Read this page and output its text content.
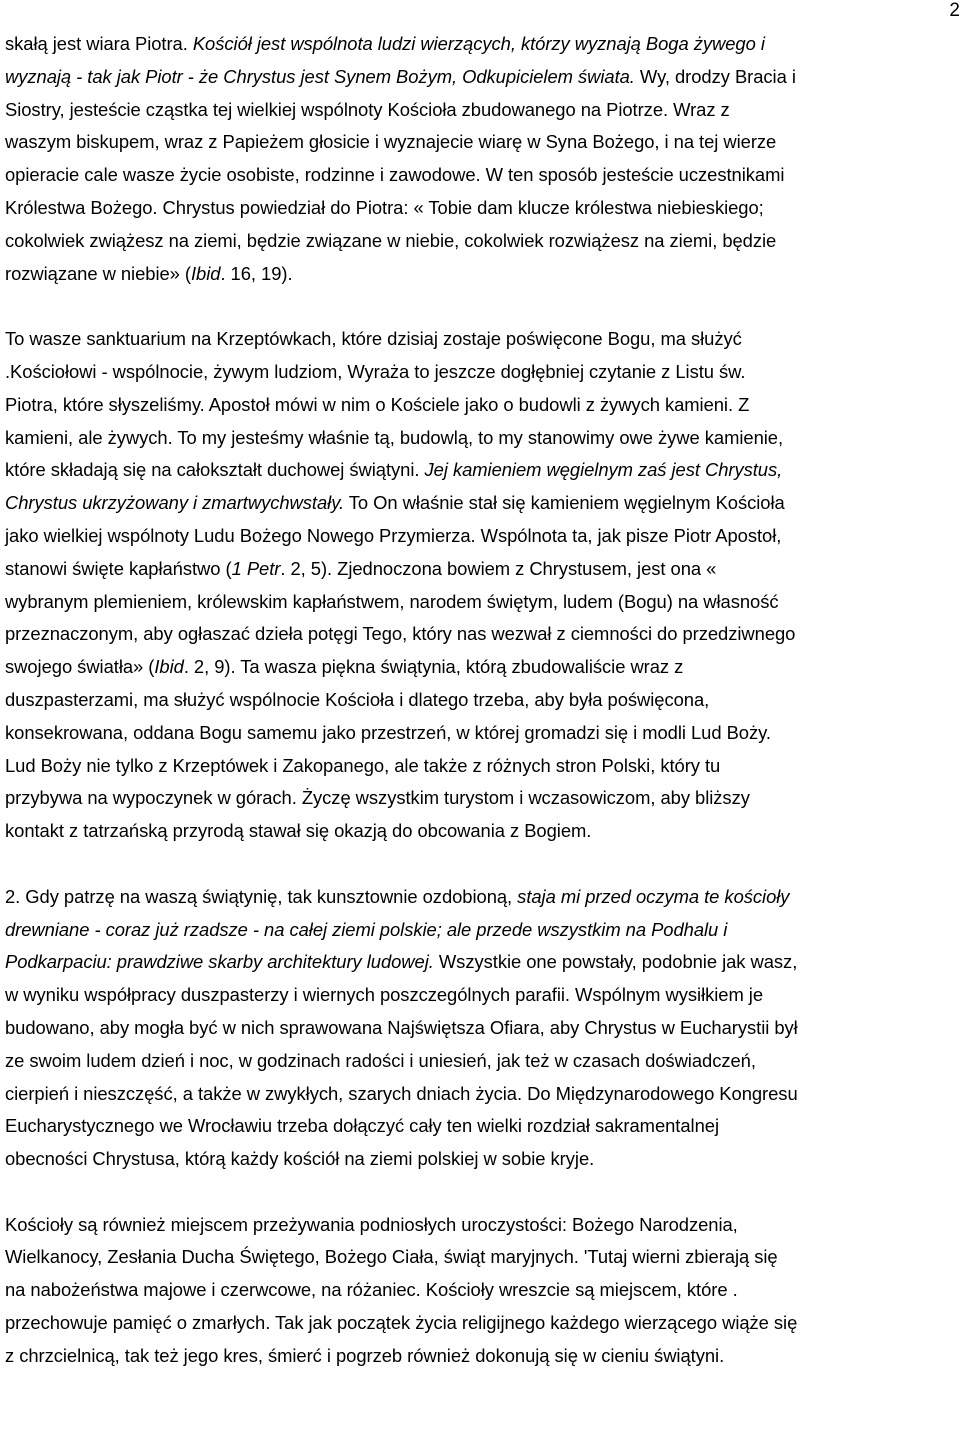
2

skałą jest wiara Piotra. Kościół jest wspólnota ludzi wierzących, którzy wyznają Boga żywego i
wyznają - tak jak Piotr - że Chrystus jest Synem Bożym, Odkupicielem świata. Wy, drodzy Bracia i
Siostry, jesteście cząstka tej wielkiej wspólnoty Kościoła zbudowanego na Piotrze. Wraz z
waszym biskupem, wraz z Papieżem głosicie i wyznajecie wiarę w Syna Bożego, i na tej wierze
opieracie cale wasze życie osobiste, rodzinne i zawodowe. W ten sposób jesteście uczestnikami
Królestwa Bożego. Chrystus powiedział do Piotra: « Tobie dam klucze królestwa niebieskiego;
cokolwiek zwiążesz na ziemi, będzie związane w niebie, cokolwiek rozwiążesz na ziemi, będzie
rozwiązane w niebie» (Ibid. 16, 19).

To wasze sanktuarium na Krzeptówkach, które dzisiaj zostaje poświęcone Bogu, ma służyć
.Kościołowi - wspólnocie, żywym ludziom, Wyraża to jeszcze dogłębniej czytanie z Listu św.
Piotra, które słyszeliśmy. Apostoł mówi w nim o Kościele jako o budowli z żywych kamieni. Z
kamieni, ale żywych. To my jesteśmy właśnie tą, budowlą, to my stanowimy owe żywe kamienie,
które składają się na całokształt duchowej świątyni. Jej kamieniem węgielnym zaś jest Chrystus,
Chrystus ukrzyżowany i zmartwychwstały. To On właśnie stał się kamieniem węgielnym Kościoła
jako wielkiej wspólnoty Ludu Bożego Nowego Przymierza. Wspólnota ta, jak pisze Piotr Apostoł,
stanowi święte kapłaństwo (1 Petr. 2, 5). Zjednoczona bowiem z Chrystusem, jest ona «
wybranym plemieniem, królewskim kapłaństwem, narodem świętym, ludem (Bogu) na własność
przeznaczonym, aby ogłaszać dzieła potęgi Tego, który nas wezwał z ciemności do przedziwnego
swojego światła» (Ibid. 2, 9). Ta wasza piękna świątynia, którą zbudowaliście wraz z
duszpasterzami, ma służyć wspólnocie Kościoła i dlatego trzeba, aby była poświęcona,
konsekrowana, oddana Bogu samemu jako przestrzeń, w której gromadzi się i modli Lud Boży.
Lud Boży nie tylko z Krzeptówek i Zakopanego, ale także z różnych stron Polski, który tu
przybywa na wypoczynek w górach. Życzę wszystkim turystom i wczasowiczom, aby bliższy
kontakt z tatrzańską przyrodą stawał się okazją do obcowania z Bogiem.

2. Gdy patrzę na waszą świątynię, tak kunsztownie ozdobioną, staja mi przed oczyma te kościoły
drewniane - coraz już rzadsze - na całej ziemi polskie; ale przede wszystkim na Podhalu i
Podkarpaciu: prawdziwe skarby architektury ludowej. Wszystkie one powstały, podobnie jak wasz,
w wyniku współpracy duszpasterzy i wiernych poszczególnych parafii. Wspólnym wysiłkiem je
budowano, aby mogła być w nich sprawowana Najświętsza Ofiara, aby Chrystus w Eucharystii był
ze swoim ludem dzień i noc, w godzinach radości i uniesień, jak też w czasach doświadczeń,
cierpień i nieszczęść, a także w zwykłych, szarych dniach życia. Do Międzynarodowego Kongresu
Eucharystycznego we Wrocławiu trzeba dołączyć cały ten wielki rozdział sakramentalnej
obecności Chrystusa, którą każdy kościół na ziemi polskiej w sobie kryje.

Kościoły są również miejscem przeżywania podniosłych uroczystości: Bożego Narodzenia,
Wielkanocy, Zesłania Ducha Świętego, Bożego Ciała, świąt maryjnych. 'Tutaj wierni zbierają się
na nabożeństwa majowe i czerwcowe, na różaniec. Kościoły wreszcie są miejscem, które .
przechowuje pamięć o zmarłych. Tak jak początek życia religijnego każdego wierzącego wiąże się
z chrzcielnicą, tak też jego kres, śmierć i pogrzeb również dokonują się w cieniu świątyni.
